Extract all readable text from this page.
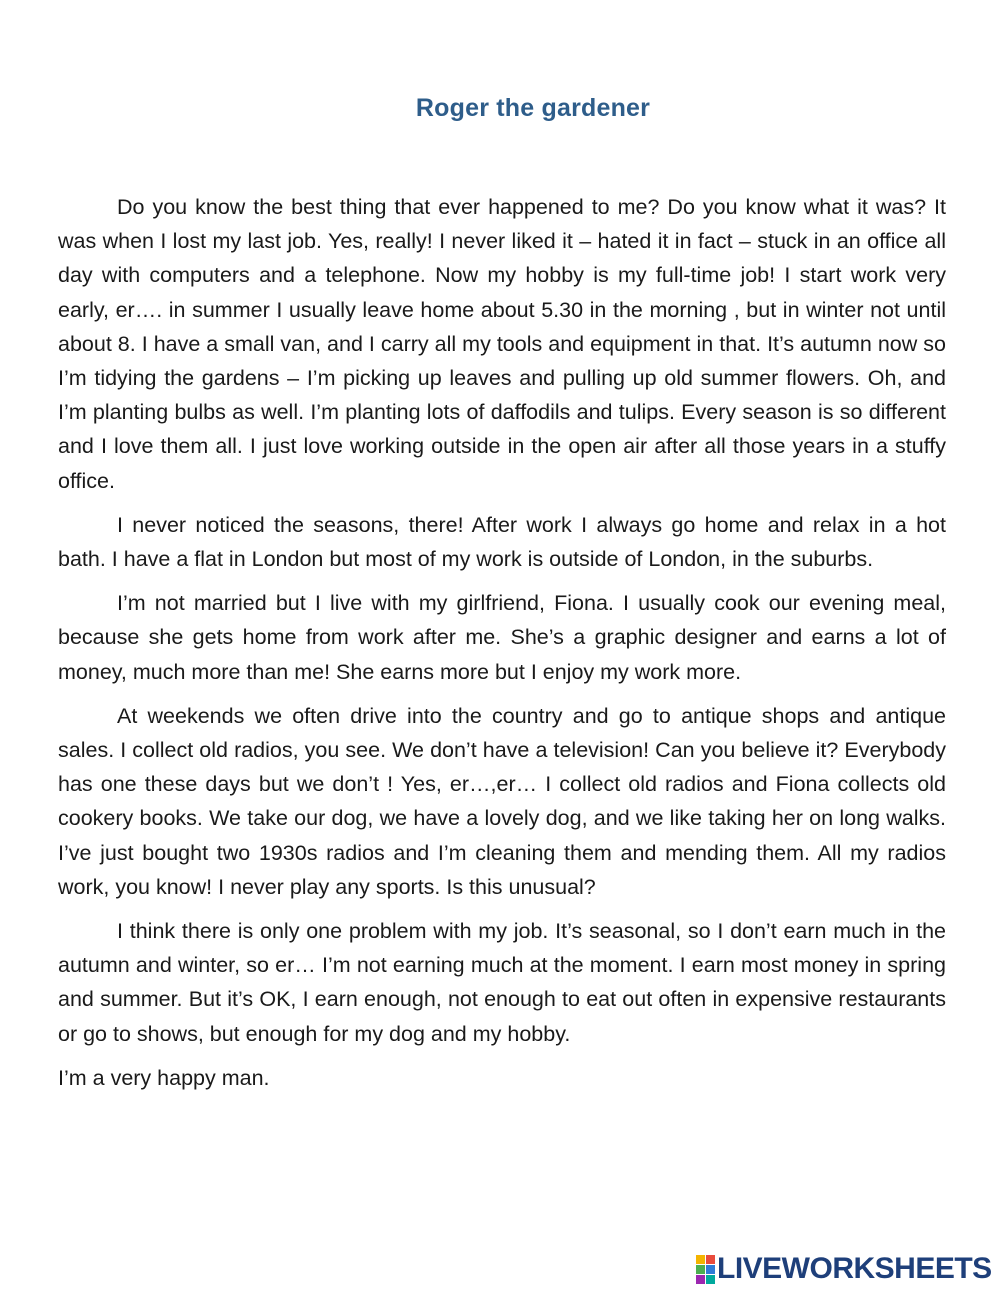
Roger the gardener

Do you know the best thing that ever happened to me? Do you know what it was? It was when I lost my last job. Yes, really! I never liked it – hated it in fact – stuck in an office all day with computers and a telephone. Now my hobby is my full-time job! I start work very early, er…. in summer I usually leave home about 5.30 in the morning , but in winter not until about 8. I have a small van, and I carry all my tools and equipment in that. It’s autumn now so I’m tidying the gardens – I’m picking up leaves and pulling up old summer flowers. Oh, and I’m planting bulbs as well. I’m planting lots of daffodils and tulips. Every season is so different and I love them all. I just love working outside in the open air after all those years in a stuffy office.

I never noticed the seasons, there! After work I always go home and relax in a hot bath. I have a flat in London but most of my work is outside of London, in the suburbs.

I’m not married but I live with my girlfriend, Fiona. I usually cook our evening meal, because she gets home from work after me. She’s a graphic designer and earns a lot of money, much more than me! She earns more but I enjoy my work more.

At weekends we often drive into the country and go to antique shops and antique sales. I collect old radios, you see. We don’t have a television! Can you believe it? Everybody has one these days but we don’t ! Yes, er…,er… I collect old radios and Fiona collects old cookery books. We take our dog, we have a lovely dog, and we like taking her on long walks. I’ve just bought two 1930s radios and I’m cleaning them and mending them. All my radios work, you know! I never play any sports. Is this unusual?

I think there is only one problem with my job. It’s seasonal, so I don’t earn much in the autumn and winter, so er… I’m not earning much at the moment. I earn most money in spring and summer. But it’s OK, I earn enough, not enough to eat out often in expensive restaurants or go to shows, but enough for my dog and my hobby.

I’m a very happy man.

LIVEWORKSHEETS
